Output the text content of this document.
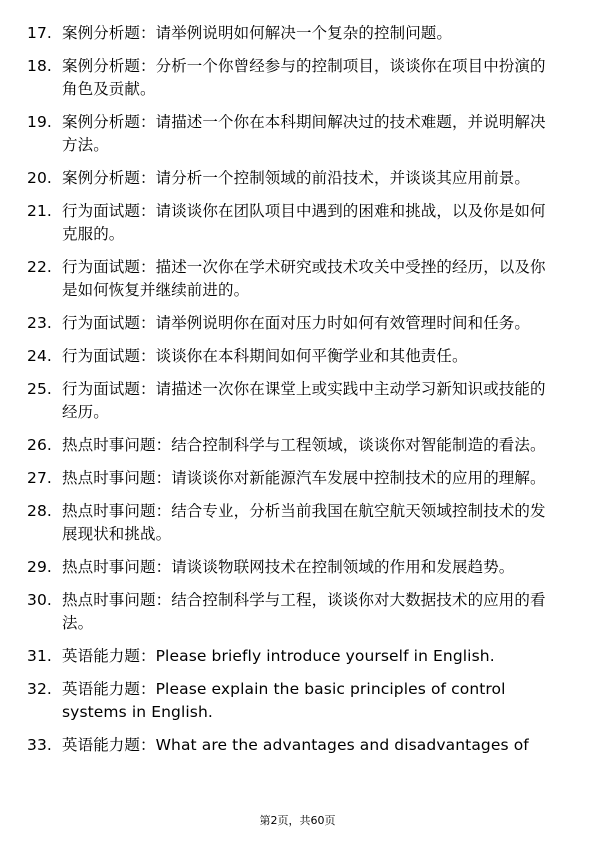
17. 案例分析题：请举例说明如何解决一个复杂的控制问题。
18. 案例分析题：分析一个你曾经参与的控制项目，谈谈你在项目中扮演的角色及贡献。
19. 案例分析题：请描述一个你在本科期间解决过的技术难题，并说明解决方法。
20. 案例分析题：请分析一个控制领域的前沿技术，并谈谈其应用前景。
21. 行为面试题：请谈谈你在团队项目中遇到的困难和挑战，以及你是如何克服的。
22. 行为面试题：描述一次你在学术研究或技术攻关中受挫的经历，以及你是如何恢复并继续前进的。
23. 行为面试题：请举例说明你在面对压力时如何有效管理时间和任务。
24. 行为面试题：谈谈你在本科期间如何平衡学业和其他责任。
25. 行为面试题：请描述一次你在课堂上或实践中主动学习新知识或技能的经历。
26. 热点时事问题：结合控制科学与工程领域，谈谈你对智能制造的看法。
27. 热点时事问题：请谈谈你对新能源汽车发展中控制技术的应用的理解。
28. 热点时事问题：结合专业，分析当前我国在航空航天领域控制技术的发展现状和挑战。
29. 热点时事问题：请谈谈物联网技术在控制领域的作用和发展趋势。
30. 热点时事问题：结合控制科学与工程，谈谈你对大数据技术的应用的看法。
31. 英语能力题：Please briefly introduce yourself in English.
32. 英语能力题：Please explain the basic principles of control systems in English.
33. 英语能力题：What are the advantages and disadvantages of
第2页，共60页
